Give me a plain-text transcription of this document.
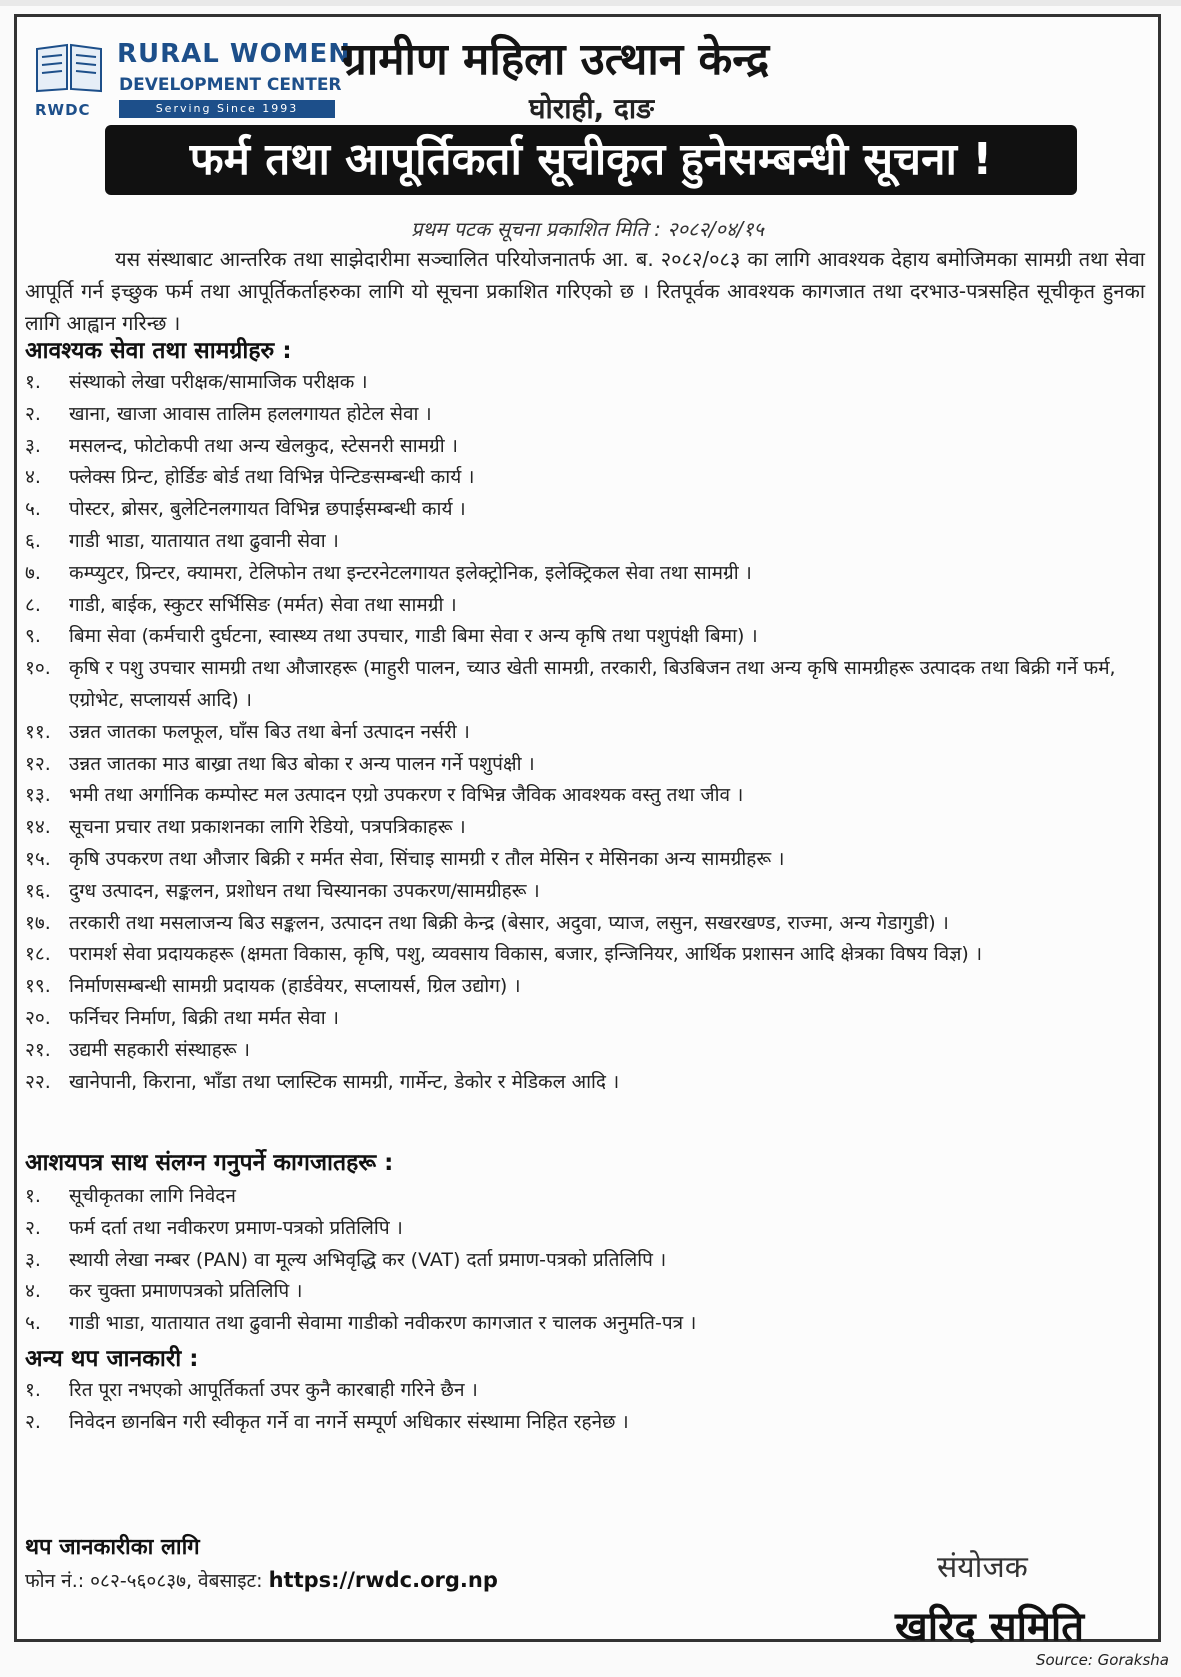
RWDC
RURAL WOMEN
DEVELOPMENT CENTER
Serving Since 1993
ग्रामीण महिला उत्थान केन्द्र
घोराही, दाङ
फर्म तथा आपूर्तिकर्ता सूचीकृत हुनेसम्बन्धी सूचना !
प्रथम पटक सूचना प्रकाशित मिति : २०८२/०४/१५
यस संस्थाबाट आन्तरिक तथा साझेदारीमा सञ्चालित परियोजनातर्फ आ. ब. २०८२/०८३ का लागि आवश्यक देहाय बमोजिमका सामग्री तथा सेवा आपूर्ति गर्न इच्छुक फर्म तथा आपूर्तिकर्ताहरुका लागि यो सूचना प्रकाशित गरिएको छ । रितपूर्वक आवश्यक कागजात तथा दरभाउ-पत्रसहित सूचीकृत हुनका लागि आह्वान गरिन्छ ।
आवश्यक सेवा तथा सामग्रीहरु :
१.	संस्थाको लेखा परीक्षक/सामाजिक परीक्षक ।
२.	खाना, खाजा आवास तालिम हललगायत होटेल सेवा ।
३.	मसलन्द, फोटोकपी तथा अन्य खेलकुद, स्टेसनरी सामग्री ।
४.	फ्लेक्स प्रिन्ट, होर्डिङ बोर्ड तथा विभिन्न पेन्टिङसम्बन्धी कार्य ।
५.	पोस्टर, ब्रोसर, बुलेटिनलगायत विभिन्न छपाईसम्बन्धी कार्य ।
६.	गाडी भाडा, यातायात तथा ढुवानी सेवा ।
७.	कम्प्युटर, प्रिन्टर, क्यामरा, टेलिफोन तथा इन्टरनेटलगायत इलेक्ट्रोनिक, इलेक्ट्रिकल सेवा तथा सामग्री ।
८.	गाडी, बाईक, स्कुटर सर्भिसिङ (मर्मत) सेवा तथा सामग्री ।
९.	बिमा सेवा (कर्मचारी दुर्घटना, स्वास्थ्य तथा उपचार, गाडी बिमा सेवा र अन्य कृषि तथा पशुपंक्षी बिमा) ।
१०. कृषि र पशु उपचार सामग्री तथा औजारहरू (माहुरी पालन, च्याउ खेती सामग्री, तरकारी, बिउबिजन तथा अन्य कृषि सामग्रीहरू उत्पादक तथा बिक्री गर्ने फर्म, एग्रोभेट, सप्लायर्स आदि) ।
११. उन्नत जातका फलफूल, घाँस बिउ तथा बेर्ना उत्पादन नर्सरी ।
१२. उन्नत जातका माउ बाख्रा तथा बिउ बोका र अन्य पालन गर्ने पशुपंक्षी ।
१३. भमी तथा अर्गानिक कम्पोस्ट मल उत्पादन एग्रो उपकरण र विभिन्न जैविक आवश्यक वस्तु तथा जीव ।
१४. सूचना प्रचार तथा प्रकाशनका लागि रेडियो, पत्रपत्रिकाहरू ।
१५. कृषि उपकरण तथा औजार बिक्री र मर्मत सेवा, सिंचाइ सामग्री र तौल मेसिन र मेसिनका अन्य सामग्रीहरू ।
१६. दुग्ध उत्पादन, सङ्कलन, प्रशोधन तथा चिस्यानका उपकरण/सामग्रीहरू ।
१७. तरकारी तथा मसलाजन्य बिउ सङ्कलन, उत्पादन तथा बिक्री केन्द्र (बेसार, अदुवा, प्याज, लसुन, सखरखण्ड, राज्मा, अन्य गेडागुडी) ।
१८. परामर्श सेवा प्रदायकहरू (क्षमता विकास, कृषि, पशु, व्यवसाय विकास, बजार, इन्जिनियर, आर्थिक प्रशासन आदि क्षेत्रका विषय विज्ञ) ।
१९. निर्माणसम्बन्धी सामग्री प्रदायक (हार्डवेयर, सप्लायर्स, ग्रिल उद्योग) ।
२०. फर्निचर निर्माण, बिक्री तथा मर्मत सेवा ।
२१. उद्यमी सहकारी संस्थाहरू ।
२२. खानेपानी, किराना, भाँडा तथा प्लास्टिक सामग्री, गार्मेन्ट, डेकोर र मेडिकल आदि ।
आशयपत्र साथ संलग्न गनुपर्ने कागजातहरू :
१.	सूचीकृतका लागि निवेदन
२.	फर्म दर्ता तथा नवीकरण प्रमाण-पत्रको प्रतिलिपि ।
३.	स्थायी लेखा नम्बर (PAN) वा मूल्य अभिवृद्धि कर (VAT) दर्ता प्रमाण-पत्रको प्रतिलिपि ।
४.	कर चुक्ता प्रमाणपत्रको प्रतिलिपि ।
५.	गाडी भाडा, यातायात तथा ढुवानी सेवामा गाडीको नवीकरण कागजात र चालक अनुमति-पत्र ।
अन्य थप जानकारी :
१.	रित पूरा नभएको आपूर्तिकर्ता उपर कुनै कारबाही गरिने छैन ।
२.	निवेदन छानबिन गरी स्वीकृत गर्ने वा नगर्ने सम्पूर्ण अधिकार संस्थामा निहित रहनेछ ।
थप जानकारीका लागि
फोन नं.: ०८२-५६०८३७, वेबसाइट: https://rwdc.org.np	संयोजक
खरिद समिति
Source: Goraksha
